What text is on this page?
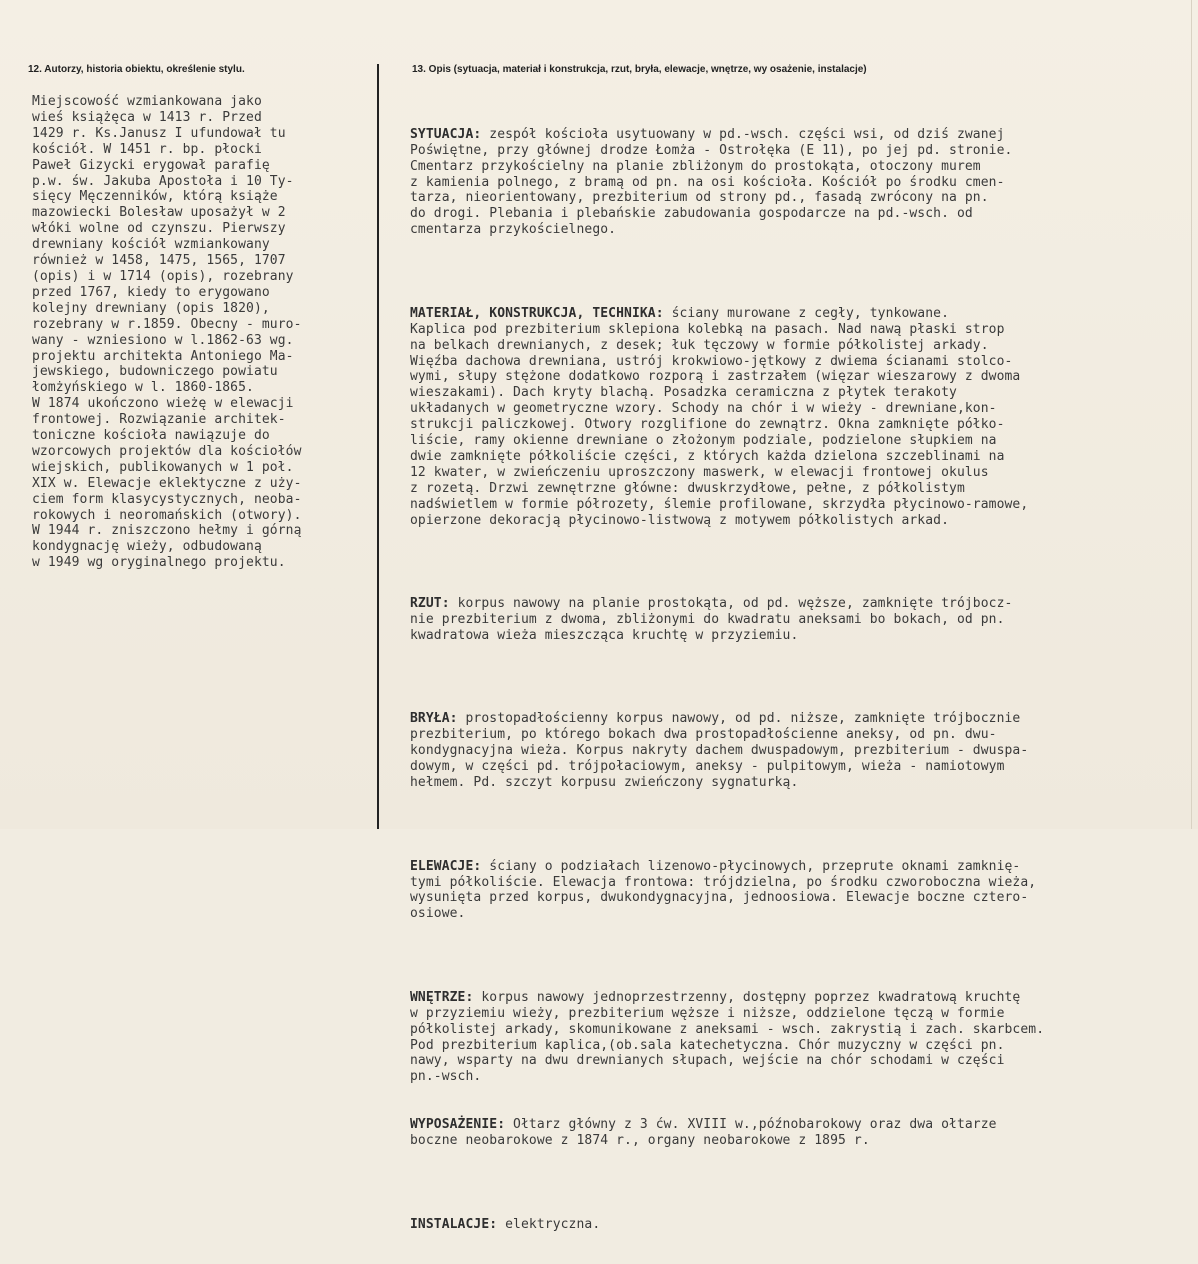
12. Autorzy, historia obiektu, określenie stylu.	13. Opis (sytuacja, materiał i konstrukcja, rzut, bryła, elewacje, wnętrze, wy osażenie, instalacje)
Miejscowość wzmiankowana jako
wieś książęca w 1413 r. Przed
1429 r. Ks.Janusz I ufundował tu
kościół. W 1451 r. bp. płocki
Paweł Gizycki erygował parafię
p.w. św. Jakuba Apostoła i 10 Ty-
sięcy Męczenników, którą książe
mazowiecki Bolesław uposażył w 2
włóki wolne od czynszu. Pierwszy
drewniany kościół wzmiankowany
również w 1458, 1475, 1565, 1707
(opis) i w 1714 (opis), rozebrany
przed 1767, kiedy to erygowano
kolejny drewniany (opis 1820),
rozebrany w r.1859. Obecny - muro-
wany - wzniesiono w l.1862-63 wg.
projektu architekta Antoniego Ma-
jewskiego, budowniczego powiatu
łomżyńskiego w l. 1860-1865.
W 1874 ukończono wieżę w elewacji
frontowej. Rozwiązanie architek-
toniczne kościoła nawiązuje do
wzorcowych projektów dla kościołów
wiejskich, publikowanych w 1 poł.
XIX w. Elewacje eklektyczne z uży-
ciem form klasycystycznych, neoba-
rokowych i neoromańskich (otwory).
W 1944 r. zniszczono hełmy i górną
kondygnację wieży, odbudowaną
w 1949 wg oryginalnego projektu.

SYTUACJA: zespół kościoła usytuowany w pd.-wsch. części wsi, od dziś zwanej
Poświętne, przy głównej drodze Łomża - Ostrołęka (E 11), po jej pd. stronie.
Cmentarz przykościelny na planie zbliżonym do prostokąta, otoczony murem
z kamienia polnego, z bramą od pn. na osi kościoła. Kościół po środku cmen-
tarza, nieorientowany, prezbiterium od strony pd., fasadą zwrócony na pn.
do drogi. Plebania i plebańskie zabudowania gospodarcze na pd.-wsch. od
cmentarza przykościelnego.

MATERIAŁ, KONSTRUKCJA, TECHNIKA: ściany murowane z cegły, tynkowane.
Kaplica pod prezbiterium sklepiona kolebką na pasach. Nad nawą płaski strop
na belkach drewnianych, z desek; łuk tęczowy w formie półkolistej arkady.
Więźba dachowa drewniana, ustrój krokwiowo-jętkowy z dwiema ścianami stolco-
wymi, słupy stężone dodatkowo rozporą i zastrzałem (więzar wieszarowy z dwoma
wieszakami). Dach kryty blachą. Posadzka ceramiczna z płytek terakoty
układanych w geometryczne wzory. Schody na chór i w wieży - drewniane,kon-
strukcji paliczkowej. Otwory rozglifione do zewnątrz. Okna zamknięte półko-
liście, ramy okienne drewniane o złożonym podziale, podzielone słupkiem na
dwie zamknięte półkoliście części, z których każda dzielona szczeblinami na
12 kwater, w zwieńczeniu uproszczony maswerk, w elewacji frontowej okulus
z rozetą. Drzwi zewnętrzne główne: dwuskrzydłowe, pełne, z półkolistym
nadświetlem w formie półrozety, ślemie profilowane, skrzydła płycinowo-ramowe,
opierzone dekoracją płycinowo-listwową z motywem półkolistych arkad.

RZUT: korpus nawowy na planie prostokąta, od pd. węższe, zamknięte trójbocz-
nie prezbiterium z dwoma, zbliżonymi do kwadratu aneksami bo bokach, od pn.
kwadratowa wieża mieszcząca kruchtę w przyziemiu.

BRYŁA: prostopadłościenny korpus nawowy, od pd. niższe, zamknięte trójbocznie
prezbiterium, po którego bokach dwa prostopadłościenne aneksy, od pn. dwu-
kondygnacyjna wieża. Korpus nakryty dachem dwuspadowym, prezbiterium - dwuspa-
dowym, w części pd. trójpołaciowym, aneksy - pulpitowym, wieża - namiotowym
hełmem. Pd. szczyt korpusu zwieńczony sygnaturką.

ELEWACJE: ściany o podziałach lizenowo-płycinowych, przeprute oknami zamknię-
tymi półkoliście. Elewacja frontowa: trójdzielna, po środku czworoboczna wieża,
wysunięta przed korpus, dwukondygnacyjna, jednoosiowa. Elewacje boczne cztero-
osiowe.

WNĘTRZE: korpus nawowy jednoprzestrzenny, dostępny poprzez kwadratową kruchtę
w przyziemiu wieży, prezbiterium węższe i niższe, oddzielone tęczą w formie
półkolistej arkady, skomunikowane z aneksami - wsch. zakrystią i zach. skarbcem.
Pod prezbiterium kaplica,(ob.sala katechetyczna. Chór muzyczny w części pn.
nawy, wsparty na dwu drewnianych słupach, wejście na chór schodami w części
pn.-wsch.

WYPOSAŻENIE: Ołtarz główny z 3 ćw. XVIII w.,późnobarokowy oraz dwa ołtarze
boczne neobarokowe z 1874 r., organy neobarokowe z 1895 r.

INSTALACJE: elektryczna.
